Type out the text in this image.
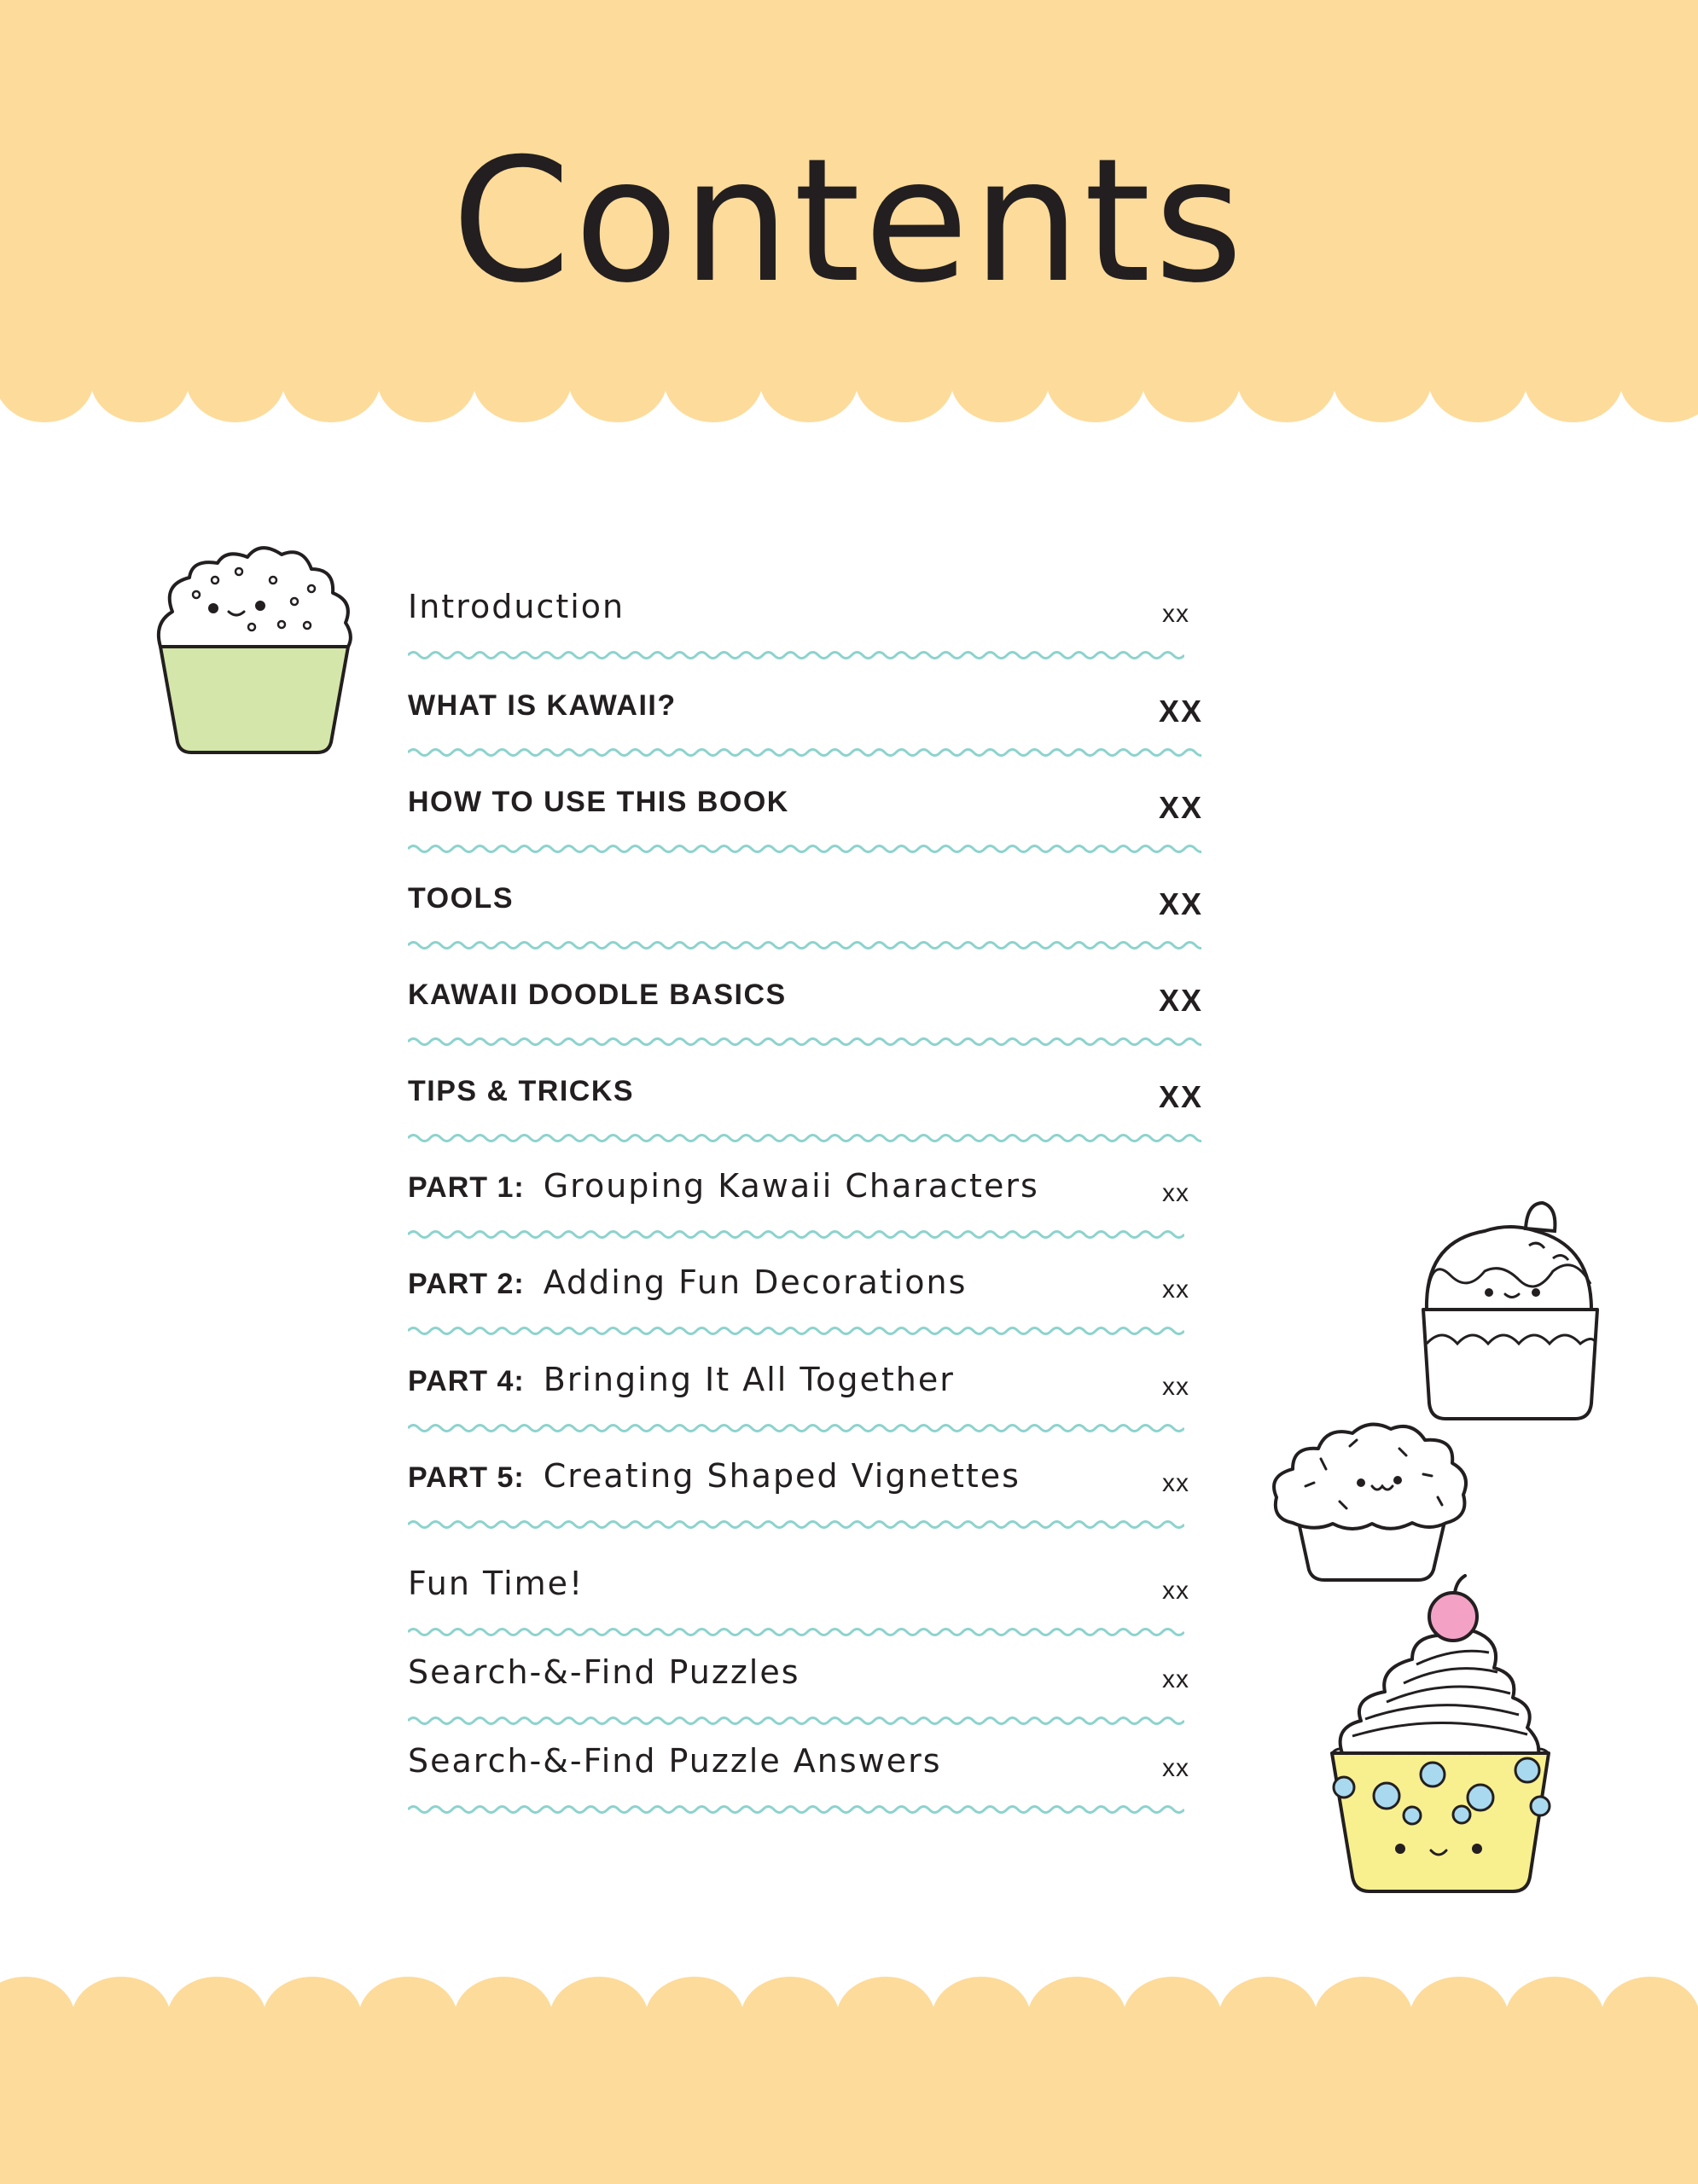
Contents
Introduction	xx
WHAT IS KAWAII?	XX
HOW TO USE THIS BOOK	XX
TOOLS	XX
KAWAII DOODLE BASICS	XX
TIPS & TRICKS	XX
PART 1: Grouping Kawaii Characters	xx
PART 2: Adding Fun Decorations	xx
PART 4: Bringing It All Together	xx
PART 5: Creating Shaped Vignettes	xx
Fun Time!	xx
Search-&-Find Puzzles	xx
Search-&-Find Puzzle Answers	xx
